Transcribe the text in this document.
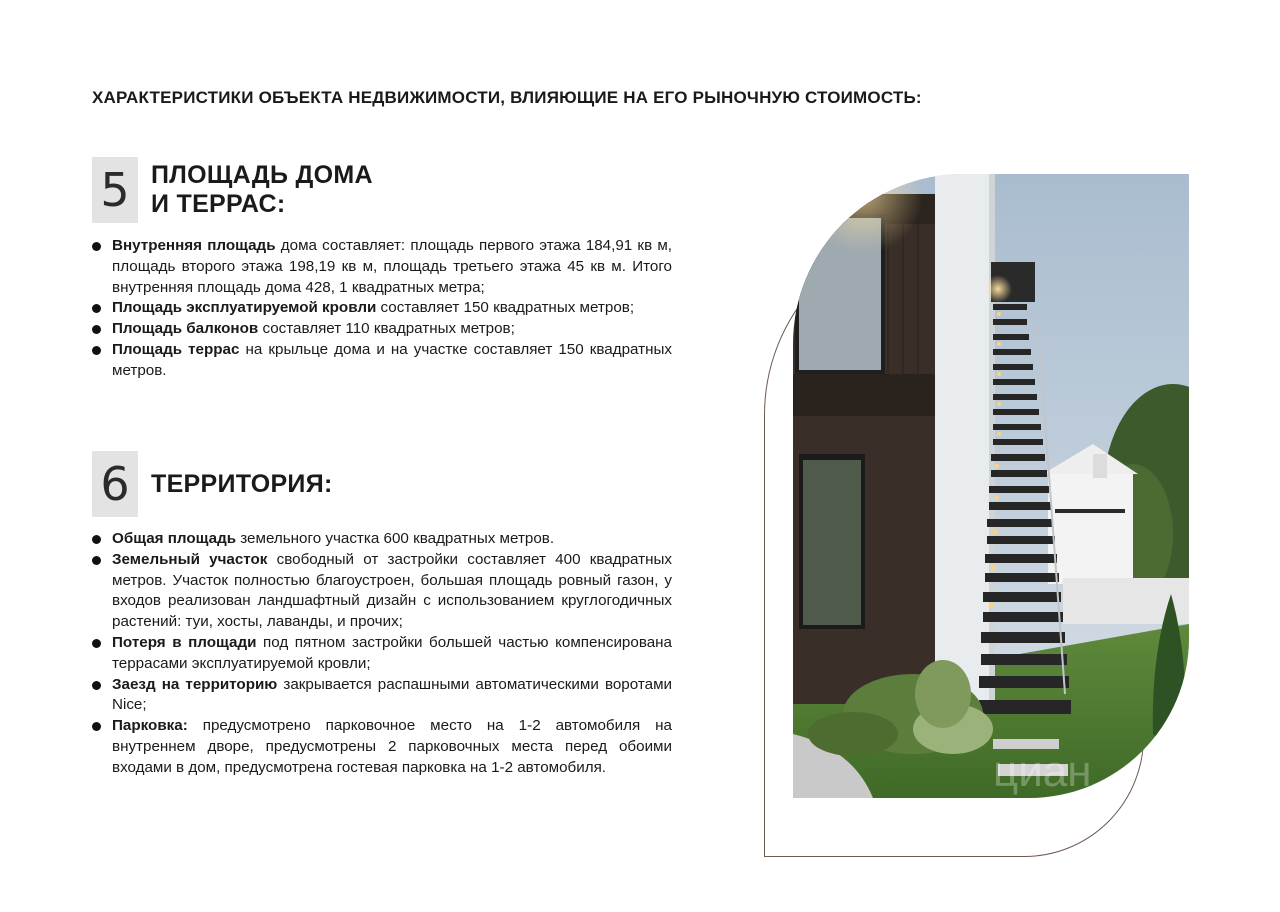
ХАРАКТЕРИСТИКИ ОБЪЕКТА НЕДВИЖИМОСТИ, ВЛИЯЮЩИЕ НА ЕГО РЫНОЧНУЮ СТОИМОСТЬ:
5 ПЛОЩАДЬ ДОМА
И ТЕРРАС:
Внутренняя площадь дома составляет: площадь первого этажа 184,91 кв м, площадь второго этажа 198,19 кв м, площадь третьего этажа 45 кв м. Итого внутренняя площадь дома 428, 1 квадратных метра;
Площадь эксплуатируемой кровли составляет 150 квадратных метров;
Площадь балконов составляет 110 квадратных метров;
Площадь террас на крыльце дома и на участке составляет 150 квадратных метров.
6 ТЕРРИТОРИЯ:
Общая площадь земельного участка 600 квадратных метров.
Земельный участок свободный от застройки составляет 400 квадратных метров. Участок полностью благоустроен, большая площадь ровный газон, у входов реализован ландшафтный дизайн с использованием круглогодичных растений: туи, хосты, лаванды, и прочих;
Потеря в площади под пятном застройки большей частью компенсирована террасами эксплуатируемой кровли;
Заезд на территорию закрывается распашными автоматическими воротами Nice;
Парковка: предусмотрено парковочное место на 1-2 автомобиля на внутреннем дворе, предусмотрены 2 парковочных места перед обоими входами в дом, предусмотрена гостевая парковка на 1-2 автомобиля.	циан
